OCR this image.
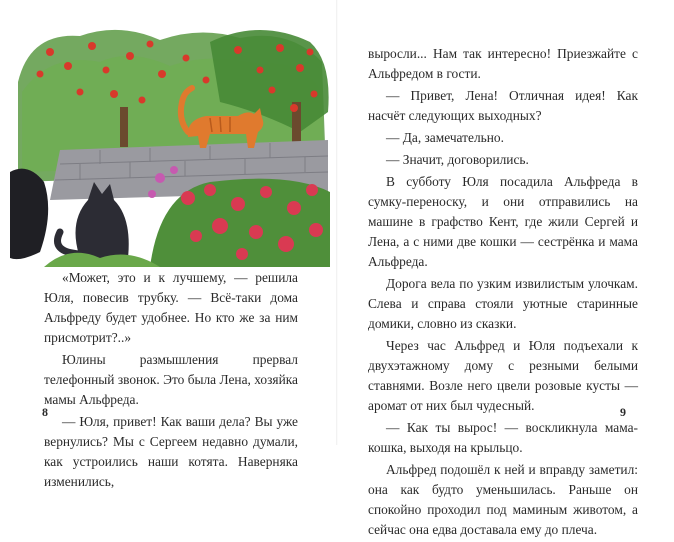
«Может, это и к лучшему, — решила Юля, повесив трубку. — Всё-таки дома Альфреду будет удобнее. Но кто же за ним присмотрит?..»

Юлины размышления прервал телефонный звонок. Это была Лена, хозяйка мамы Альфреда.

— Юля, привет! Как ваши дела? Вы уже вернулись? Мы с Сергеем недавно думали, как устроились наши котята. Наверняка изменились,

8

выросли... Нам так интересно! Приезжайте с Альфредом в гости.

— Привет, Лена! Отличная идея! Как насчёт следующих выходных?

— Да, замечательно.

— Значит, договорились.

В субботу Юля посадила Альфреда в сумку-переноску, и они отправились на машине в графство Кент, где жили Сергей и Лена, а с ними две кошки — сестрёнка и мама Альфреда.

Дорога вела по узким извилистым улочкам. Слева и справа стояли уютные старинные домики, словно из сказки.

Через час Альфред и Юля подъехали к двухэтажному дому с резными белыми ставнями. Возле него цвели розовые кусты — аромат от них был чудесный.

— Как ты вырос! — воскликнула мама-кошка, выходя на крыльцо.

Альфред подошёл к ней и вправду заметил: она как будто уменьшилась. Раньше он спокойно проходил под маминым животом, а сейчас она едва доставала ему до плеча.

9
